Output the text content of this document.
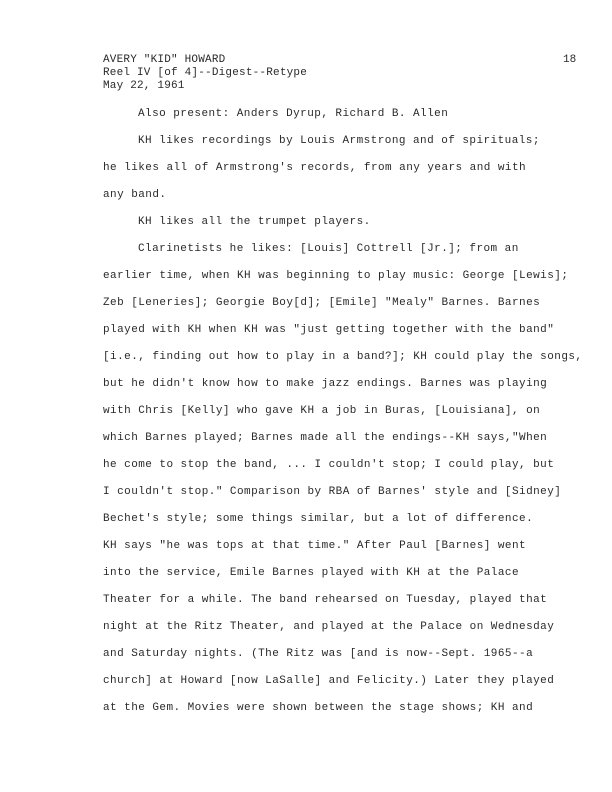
AVERY "KID" HOWARD
Reel IV [of 4]--Digest--Retype
May 22, 1961
18
Also present: Anders Dyrup, Richard B. Allen
KH likes recordings by Louis Armstrong and of spirituals;
he likes all of Armstrong's records, from any years and with
any band.
KH likes all the trumpet players.
Clarinetists he likes: [Louis] Cottrell [Jr.]; from an
earlier time, when KH was beginning to play music: George [Lewis];
Zeb [Leneries]; Georgie Boy[d]; [Emile] "Mealy" Barnes. Barnes
played with KH when KH was "just getting together with the band"
[i.e., finding out how to play in a band?]; KH could play the songs,
but he didn't know how to make jazz endings. Barnes was playing
with Chris [Kelly] who gave KH a job in Buras, [Louisiana], on
which Barnes played; Barnes made all the endings--KH says,"When
he come to stop the band, ... I couldn't stop; I could play, but
I couldn't stop." Comparison by RBA of Barnes' style and [Sidney]
Bechet's style; some things similar, but a lot of difference.
KH says "he was tops at that time." After Paul [Barnes] went
into the service, Emile Barnes played with KH at the Palace
Theater for a while. The band rehearsed on Tuesday, played that
night at the Ritz Theater, and played at the Palace on Wednesday
and Saturday nights. (The Ritz was [and is now--Sept. 1965--a
church] at Howard [now LaSalle] and Felicity.) Later they played
at the Gem. Movies were shown between the stage shows; KH and
